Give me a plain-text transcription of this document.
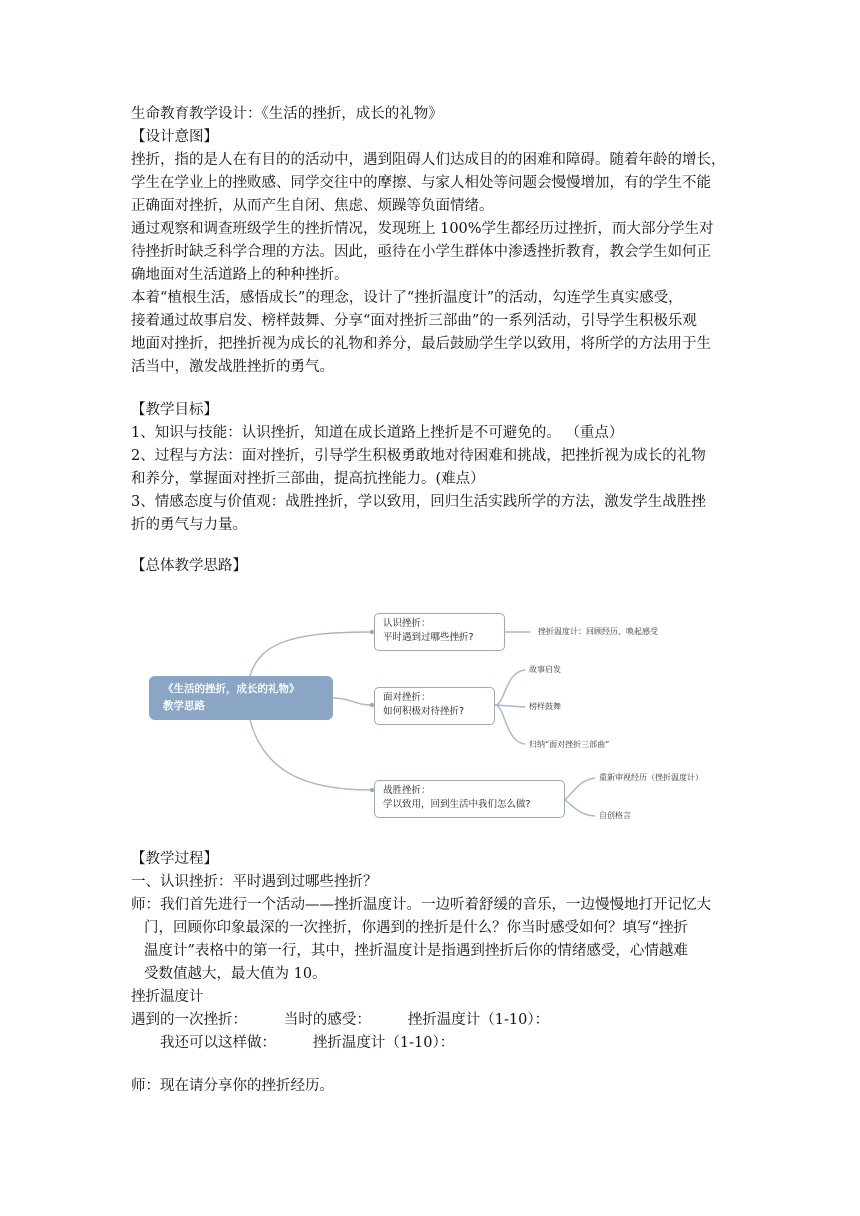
生命教育教学设计：《生活的挫折，成长的礼物》
【设计意图】
挫折，指的是人在有目的的活动中，遇到阻碍人们达成目的的困难和障碍。随着年龄的增长，
学生在学业上的挫败感、同学交往中的摩擦、与家人相处等问题会慢慢增加，有的学生不能
正确面对挫折，从而产生自闭、焦虑、烦躁等负面情绪。
通过观察和调查班级学生的挫折情况，发现班上 100%学生都经历过挫折，而大部分学生对
待挫折时缺乏科学合理的方法。因此，亟待在小学生群体中渗透挫折教育，教会学生如何正
确地面对生活道路上的种种挫折。
本着“植根生活，感悟成长”的理念，设计了“挫折温度计”的活动，勾连学生真实感受，
接着通过故事启发、榜样鼓舞、分享“面对挫折三部曲”的一系列活动，引导学生积极乐观
地面对挫折，把挫折视为成长的礼物和养分，最后鼓励学生学以致用，将所学的方法用于生
活当中，激发战胜挫折的勇气。
【教学目标】
1、知识与技能：认识挫折，知道在成长道路上挫折是不可避免的。 （重点）
2、过程与方法：面对挫折，引导学生积极勇敢地对待困难和挑战，把挫折视为成长的礼物
和养分，掌握面对挫折三部曲，提高抗挫能力。(难点）
3、情感态度与价值观：战胜挫折，学以致用，回归生活实践所学的方法，激发学生战胜挫
折的勇气与力量。
【总体教学思路】
《生活的挫折，成长的礼物》
教学思路
认识挫折：
平时遇到过哪些挫折?
挫折温度计：回顾经历、唤起感受
面对挫折：
如何积极对待挫折?
故事启发
榜样鼓舞
归纳“面对挫折三部曲”
战胜挫折：
学以致用，回到生活中我们怎么做?
重新审视经历（挫折温度计）
自创格言
【教学过程】
一、认识挫折：平时遇到过哪些挫折？
师：我们首先进行一个活动——挫折温度计。一边听着舒缓的音乐，一边慢慢地打开记忆大
门，回顾你印象最深的一次挫折，你遇到的挫折是什么？你当时感受如何？填写“挫折
温度计”表格中的第一行，其中，挫折温度计是指遇到挫折后你的情绪感受，心情越难
受数值越大，最大值为 10。
挫折温度计
遇到的一次挫折：        当时的感受：        挫折温度计（1-10）：
我还可以这样做：        挫折温度计（1-10）：
师：现在请分享你的挫折经历。
